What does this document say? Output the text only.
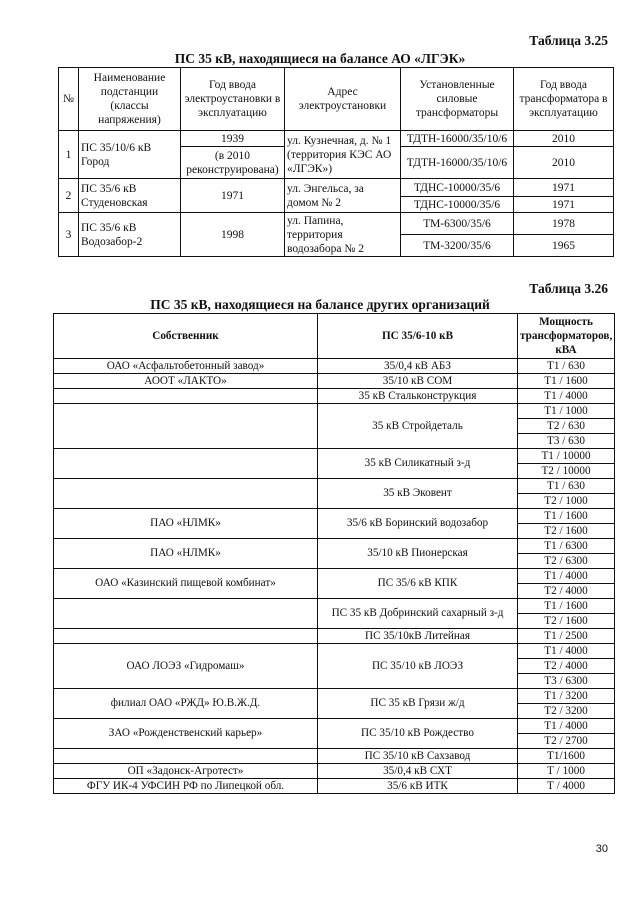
Таблица 3.25
ПС 35 кВ, находящиеся на балансе АО «ЛГЭК»
№	Наименование подстанции (классы напряжения)	Год ввода электроустановки в эксплуатацию	Адрес электроустановки	Установленные силовые трансформаторы	Год ввода трансформатора в эксплуатацию
1	ПС 35/10/6 кВ Город	1939	ул. Кузнечная, д. № 1 (территория КЭС АО «ЛГЭК»)	ТДТН-16000/35/10/6	2010
		(в 2010 реконструирована)		ТДТН-16000/35/10/6	2010
2	ПС 35/6 кВ Студеновская	1971	ул. Энгельса, за домом № 2	ТДНС-10000/35/6	1971
				ТДНС-10000/35/6	1971
3	ПС 35/6 кВ Водозабор-2	1998	ул. Папина, территория водозабора № 2	ТМ-6300/35/6	1978
				ТМ-3200/35/6	1965
Таблица 3.26
ПС 35 кВ, находящиеся на балансе других организаций
Собственник	ПС 35/6-10 кВ	Мощность трансформаторов, кВА
ОАО «Асфальтобетонный завод»	35/0,4 кВ АБЗ	Т1 / 630
АООТ «ЛАКТО»	35/10 кВ СОМ	Т1 / 1600
	35 кВ Стальконструкция	Т1 / 4000
	35 кВ Стройдеталь	Т1 / 1000
		Т2 / 630
		Т3 / 630
	35 кВ Силикатный з-д	Т1 / 10000
		Т2 / 10000
	35 кВ Эковент	Т1 / 630
		Т2 / 1000
ПАО «НЛМК»	35/6 кВ Боринский водозабор	Т1 / 1600
		Т2 / 1600
ПАО «НЛМК»	35/10 кВ Пионерская	Т1 / 6300
		Т2 / 6300
ОАО «Казинский пищевой комбинат»	ПС 35/6 кВ КПК	Т1 / 4000
		Т2 / 4000
	ПС 35 кВ Добринский сахарный з-д	Т1 / 1600
		Т2 / 1600
	ПС 35/10кВ Литейная	Т1 / 2500
ОАО ЛОЭЗ «Гидромаш»	ПС 35/10 кВ ЛОЭЗ	Т1 / 4000
		Т2 / 4000
		Т3 / 6300
филиал ОАО «РЖД» Ю.В.Ж.Д.	ПС 35 кВ Грязи ж/д	Т1 / 3200
		Т2 / 3200
ЗАО «Рожденственский карьер»	ПС 35/10 кВ Рождество	Т1 / 4000
		Т2 / 2700
	ПС 35/10 кВ Сахзавод	Т1/1600
ОП «Задонск-Агротест»	35/0,4 кВ СХТ	Т / 1000
ФГУ ИК-4 УФСИН РФ по Липецкой обл.	35/6 кВ ИТК	Т / 4000
30
